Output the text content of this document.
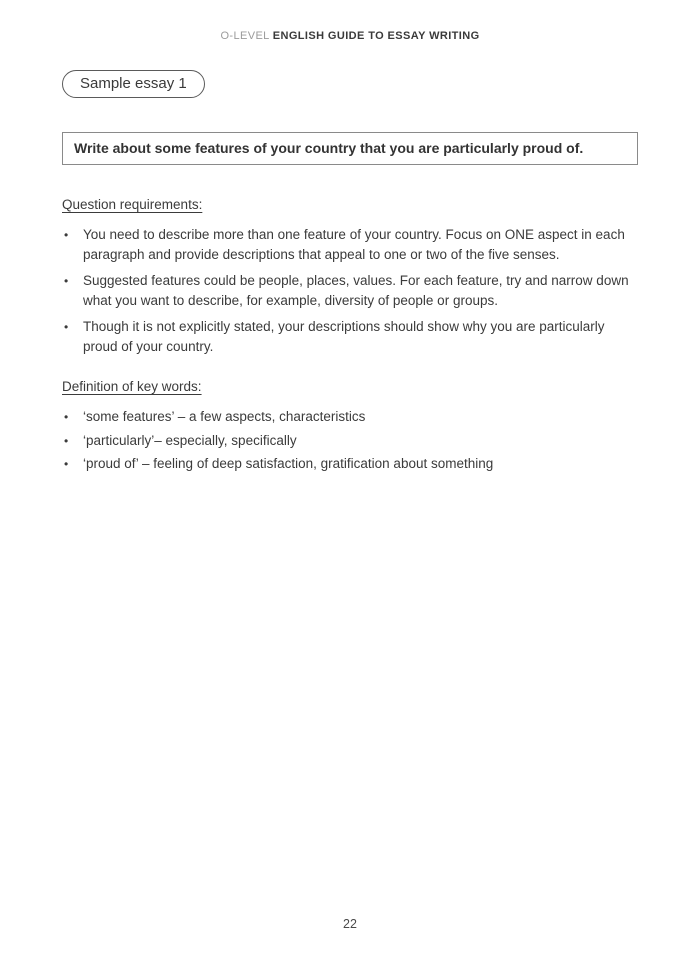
O-LEVEL ENGLISH GUIDE TO ESSAY WRITING
Sample essay 1
Write about some features of your country that you are particularly proud of.
Question requirements:
• You need to describe more than one feature of your country. Focus on ONE aspect in each paragraph and provide descriptions that appeal to one or two of the five senses.
• Suggested features could be people, places, values. For each feature, try and narrow down what you want to describe, for example, diversity of people or groups.
• Though it is not explicitly stated, your descriptions should show why you are particularly proud of your country.
Definition of key words:
• ‘some features’ – a few aspects, characteristics
• ‘particularly’– especially, specifically
• ‘proud of’ – feeling of deep satisfaction, gratification about something
22
